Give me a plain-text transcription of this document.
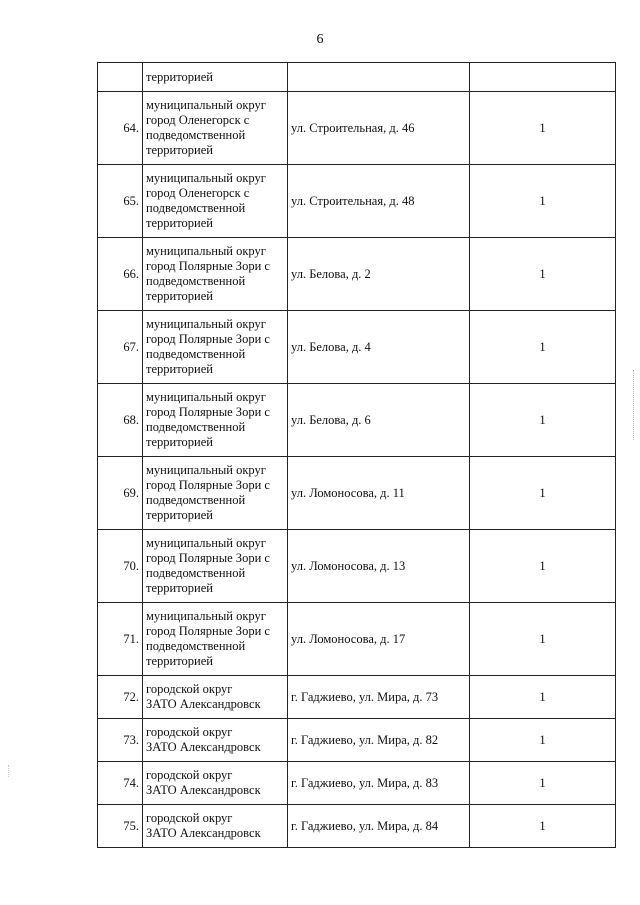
6
	территорией		
64.	муниципальный округ
город Оленегорск с
подведомственной
территорией	ул. Строительная, д. 46	1
65.	муниципальный округ
город Оленегорск с
подведомственной
территорией	ул. Строительная, д. 48	1
66.	муниципальный округ
город Полярные Зори с
подведомственной
территорией	ул. Белова, д. 2	1
67.	муниципальный округ
город Полярные Зори с
подведомственной
территорией	ул. Белова, д. 4	1
68.	муниципальный округ
город Полярные Зори с
подведомственной
территорией	ул. Белова, д. 6	1
69.	муниципальный округ
город Полярные Зори с
подведомственной
территорией	ул. Ломоносова, д. 11	1
70.	муниципальный округ
город Полярные Зори с
подведомственной
территорией	ул. Ломоносова, д. 13	1
71.	муниципальный округ
город Полярные Зори с
подведомственной
территорией	ул. Ломоносова, д. 17	1
72.	городской округ
ЗАТО Александровск	г. Гаджиево, ул. Мира, д. 73	1
73.	городской округ
ЗАТО Александровск	г. Гаджиево, ул. Мира, д. 82	1
74.	городской округ
ЗАТО Александровск	г. Гаджиево, ул. Мира, д. 83	1
75.	городской округ
ЗАТО Александровск	г. Гаджиево, ул. Мира, д. 84	1
